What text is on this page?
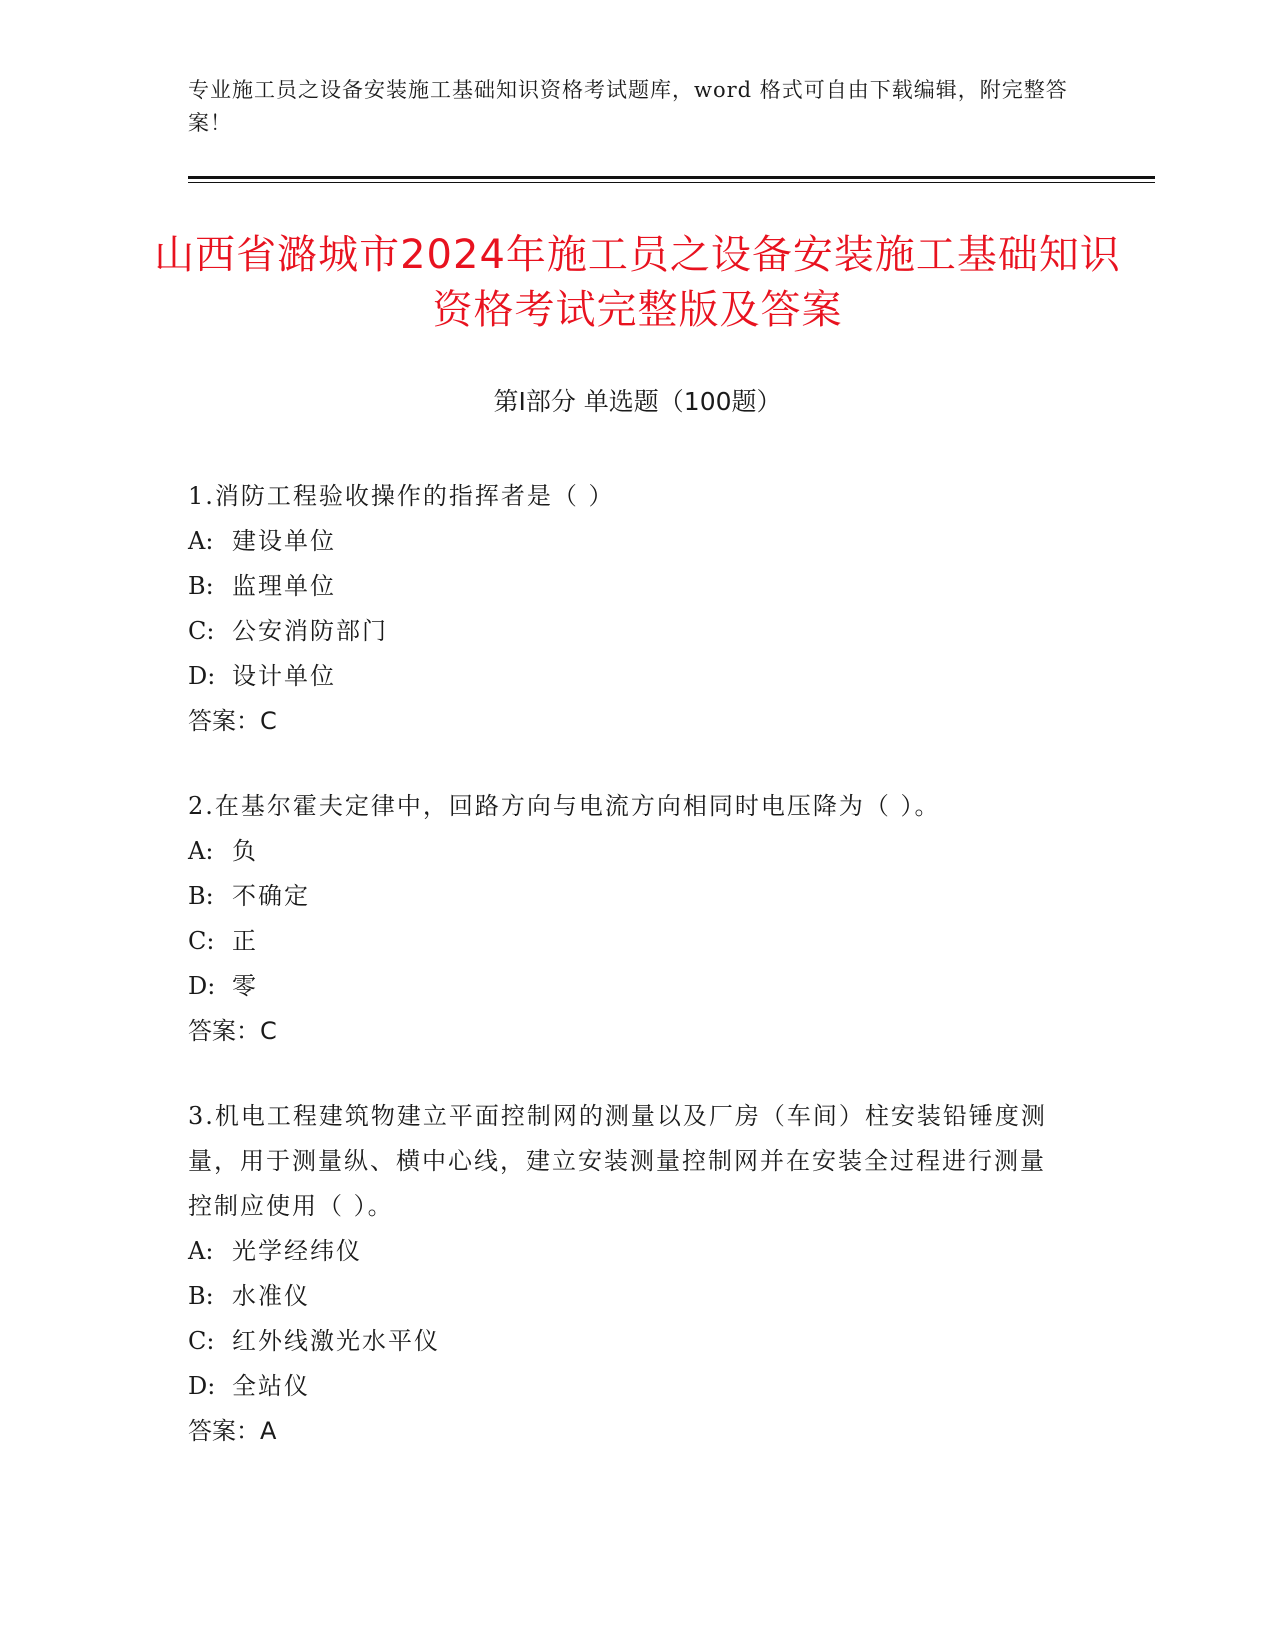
专业施工员之设备安装施工基础知识资格考试题库，word 格式可自由下载编辑，附完整答案！
山西省潞城市2024年施工员之设备安装施工基础知识资格考试完整版及答案
第Ⅰ部分 单选题（100题）
1.消防工程验收操作的指挥者是（ ）
A: 建设单位
B: 监理单位
C: 公安消防部门
D: 设计单位
答案：C
2.在基尔霍夫定律中，回路方向与电流方向相同时电压降为（ ）。
A: 负
B: 不确定
C: 正
D: 零
答案：C
3.机电工程建筑物建立平面控制网的测量以及厂房（车间）柱安装铅锤度测量，用于测量纵、横中心线，建立安装测量控制网并在安装全过程进行测量控制应使用（ ）。
A: 光学经纬仪
B: 水准仪
C: 红外线激光水平仪
D: 全站仪
答案：A
